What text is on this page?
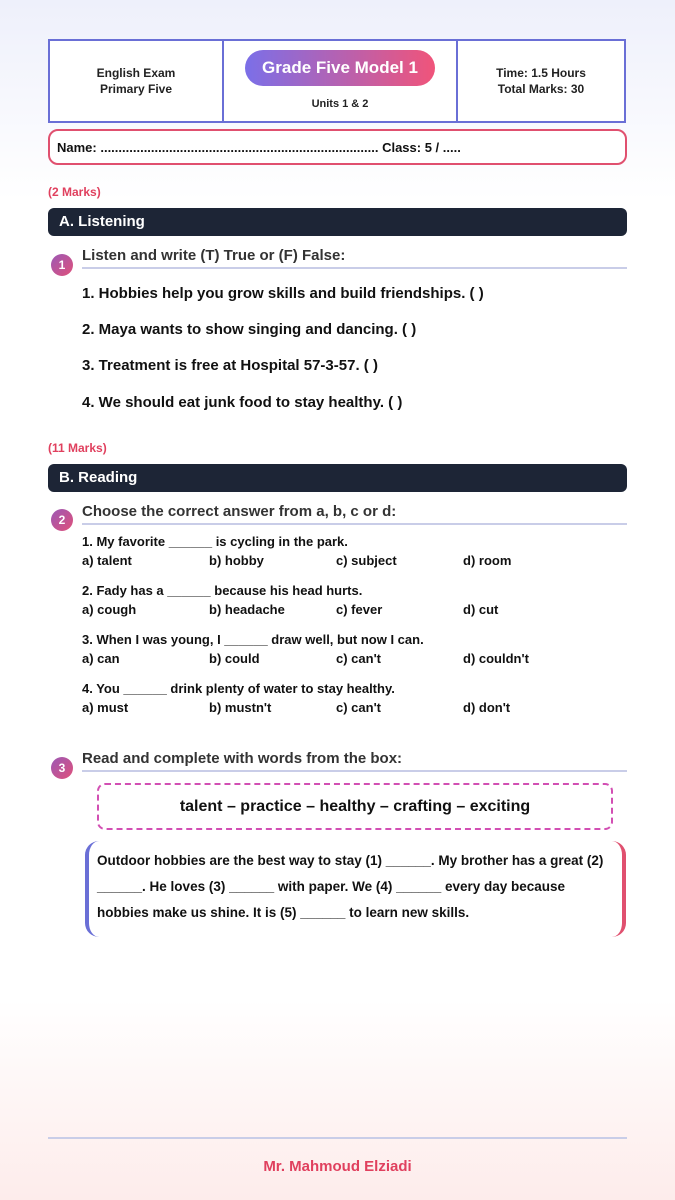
English Exam
Primary Five
Grade Five Model 1
Units 1 & 2
Time: 1.5 Hours
Total Marks: 30
Name: ............................................................................. Class: 5 / .....
(2 Marks)
A. Listening
1
Listen and write (T) True or (F) False:
1. Hobbies help you grow skills and build friendships. ( )
2. Maya wants to show singing and dancing. ( )
3. Treatment is free at Hospital 57-3-57. ( )
4. We should eat junk food to stay healthy. ( )
(11 Marks)
B. Reading
2	Choose the correct answer from a, b, c or d:
1. My favorite ______ is cycling in the park.
a) talent	b) hobby	c) subject	d) room
2. Fady has a ______ because his head hurts.
a) cough	b) headache	c) fever	d) cut
3. When I was young, I ______ draw well, but now I can.
a) can	b) could	c) can't	d) couldn't
4. You ______ drink plenty of water to stay healthy.
a) must	b) mustn't	c) can't	d) don't
3
Read and complete with words from the box:
talent – practice – healthy – crafting – exciting
Outdoor hobbies are the best way to stay (1) ______. My brother has a great (2) ______. He loves (3) ______ with paper. We (4) ______ every day because hobbies make us shine. It is (5) ______ to learn new skills.
Mr. Mahmoud Elziadi
